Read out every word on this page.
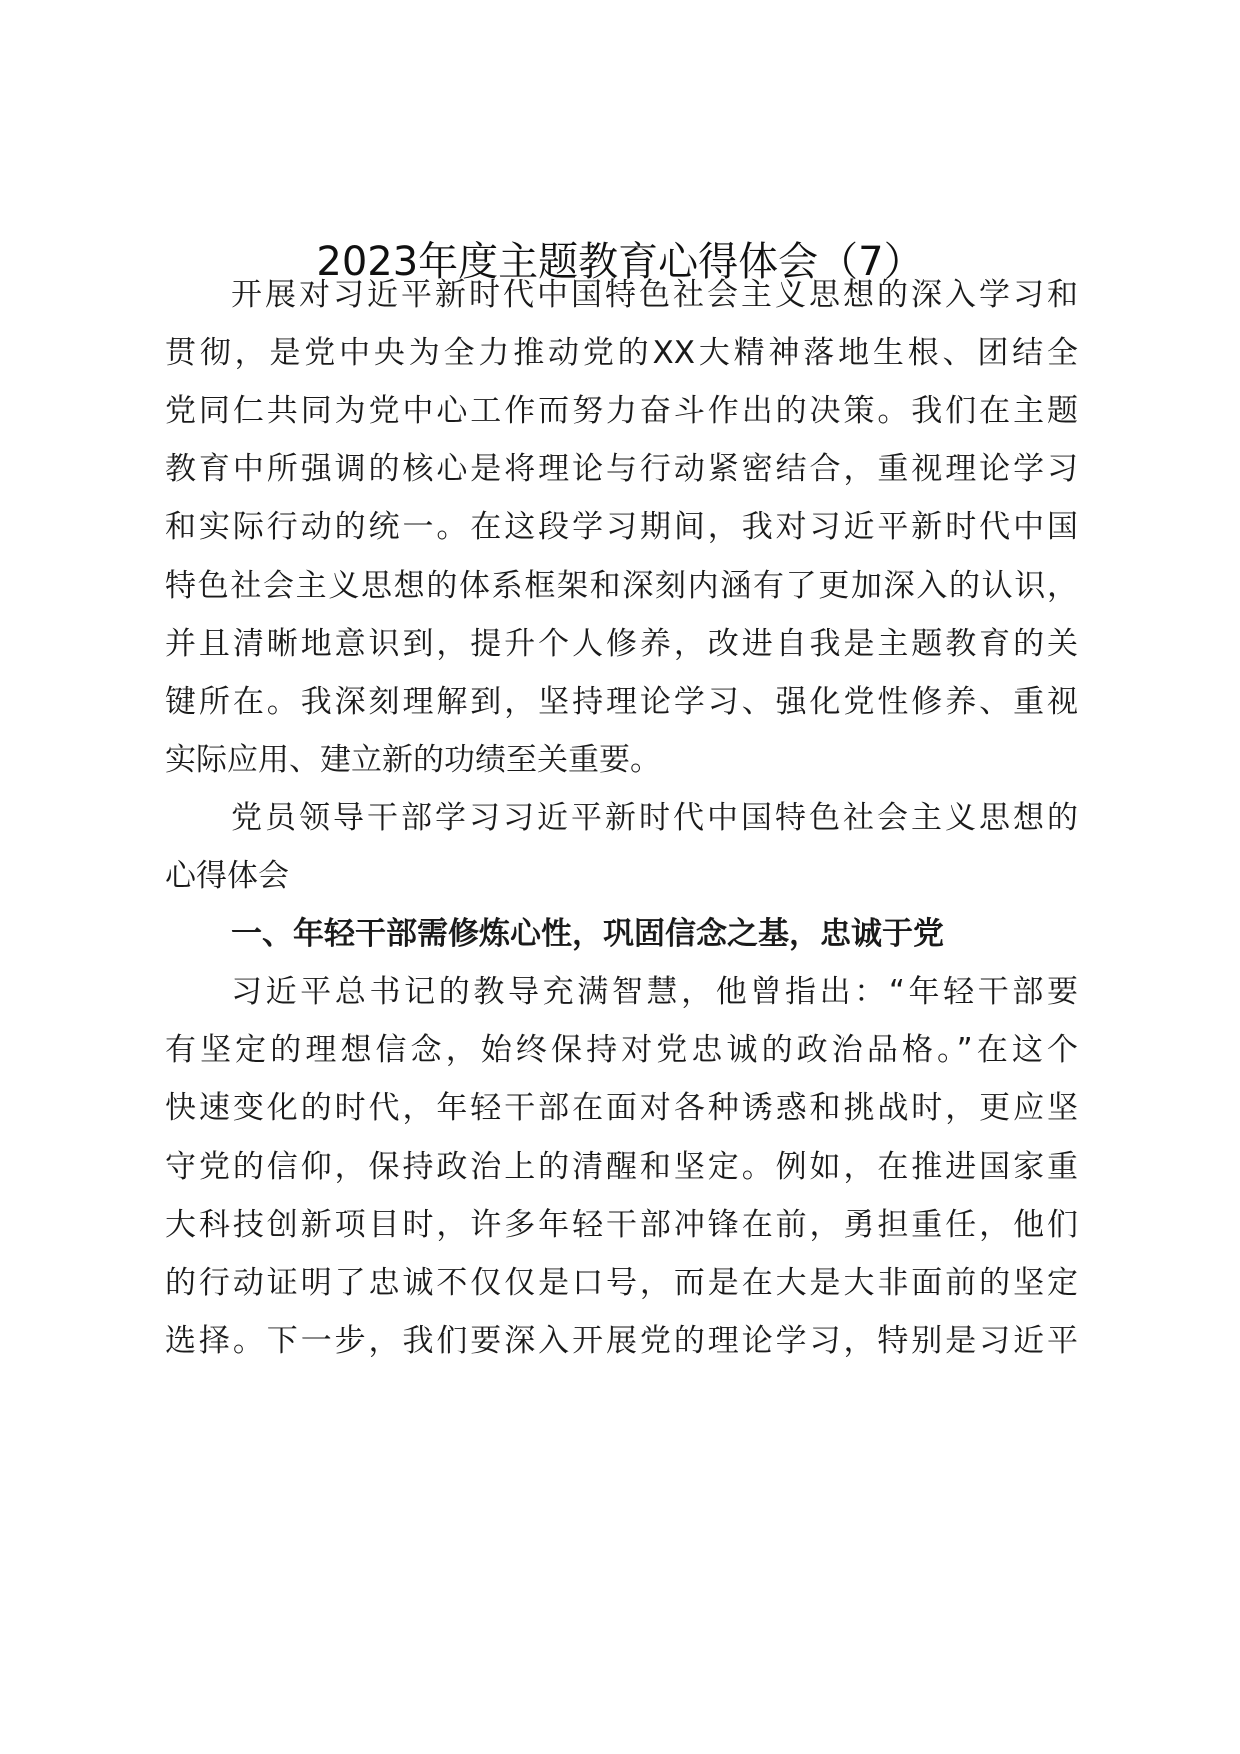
2023年度主题教育心得体会（7）
开展对习近平新时代中国特色社会主义思想的深入学习和
贯彻，是党中央为全力推动党的XX大精神落地生根、团结全
党同仁共同为党中心工作而努力奋斗作出的决策。我们在主题
教育中所强调的核心是将理论与行动紧密结合，重视理论学习
和实际行动的统一。在这段学习期间，我对习近平新时代中国
特色社会主义思想的体系框架和深刻内涵有了更加深入的认识，
并且清晰地意识到，提升个人修养，改进自我是主题教育的关
键所在。我深刻理解到，坚持理论学习、强化党性修养、重视
实际应用、建立新的功绩至关重要。
党员领导干部学习习近平新时代中国特色社会主义思想的
心得体会
一、年轻干部需修炼心性，巩固信念之基，忠诚于党
习近平总书记的教导充满智慧，他曾指出：“年轻干部要
有坚定的理想信念，始终保持对党忠诚的政治品格。”在这个
快速变化的时代，年轻干部在面对各种诱惑和挑战时，更应坚
守党的信仰，保持政治上的清醒和坚定。例如，在推进国家重
大科技创新项目时，许多年轻干部冲锋在前，勇担重任，他们
的行动证明了忠诚不仅仅是口号，而是在大是大非面前的坚定
选择。下一步，我们要深入开展党的理论学习，特别是习近平
